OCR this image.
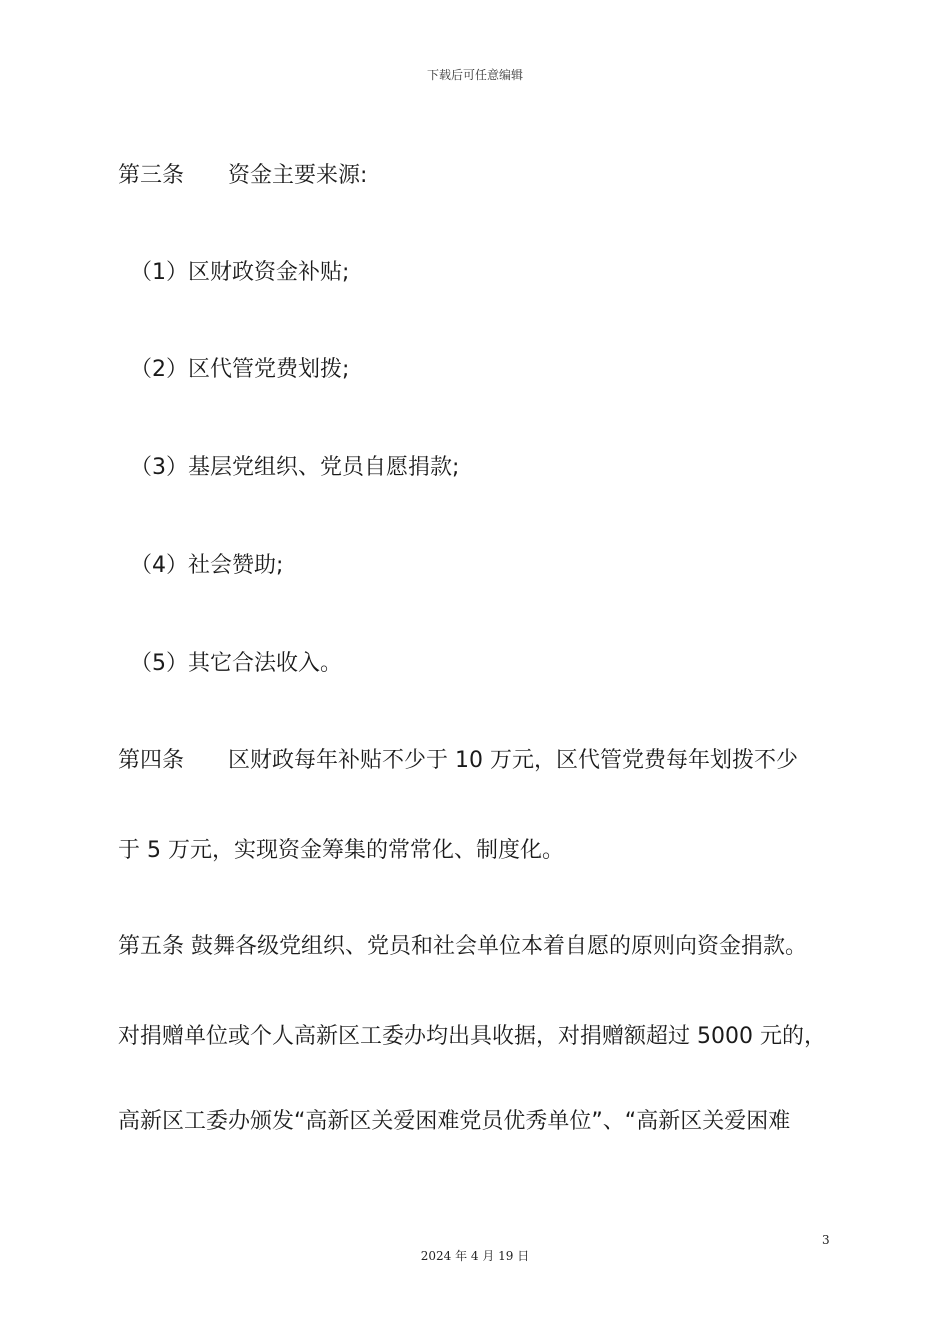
下载后可任意编辑
第三条 资金主要来源:
（1）区财政资金补贴;
（2）区代管党费划拨;
（3）基层党组织、党员自愿捐款;
（4）社会赞助;
（5）其它合法收入。
第四条 区财政每年补贴不少于 10 万元，区代管党费每年划拨不少
于 5 万元，实现资金筹集的常常化、制度化。
第五条 鼓舞各级党组织、党员和社会单位本着自愿的原则向资金捐款。
对捐赠单位或个人高新区工委办均出具收据，对捐赠额超过 5000 元的，
高新区工委办颁发“高新区关爱困难党员优秀单位”、“高新区关爱困难
3
2024 年 4 月 19 日
